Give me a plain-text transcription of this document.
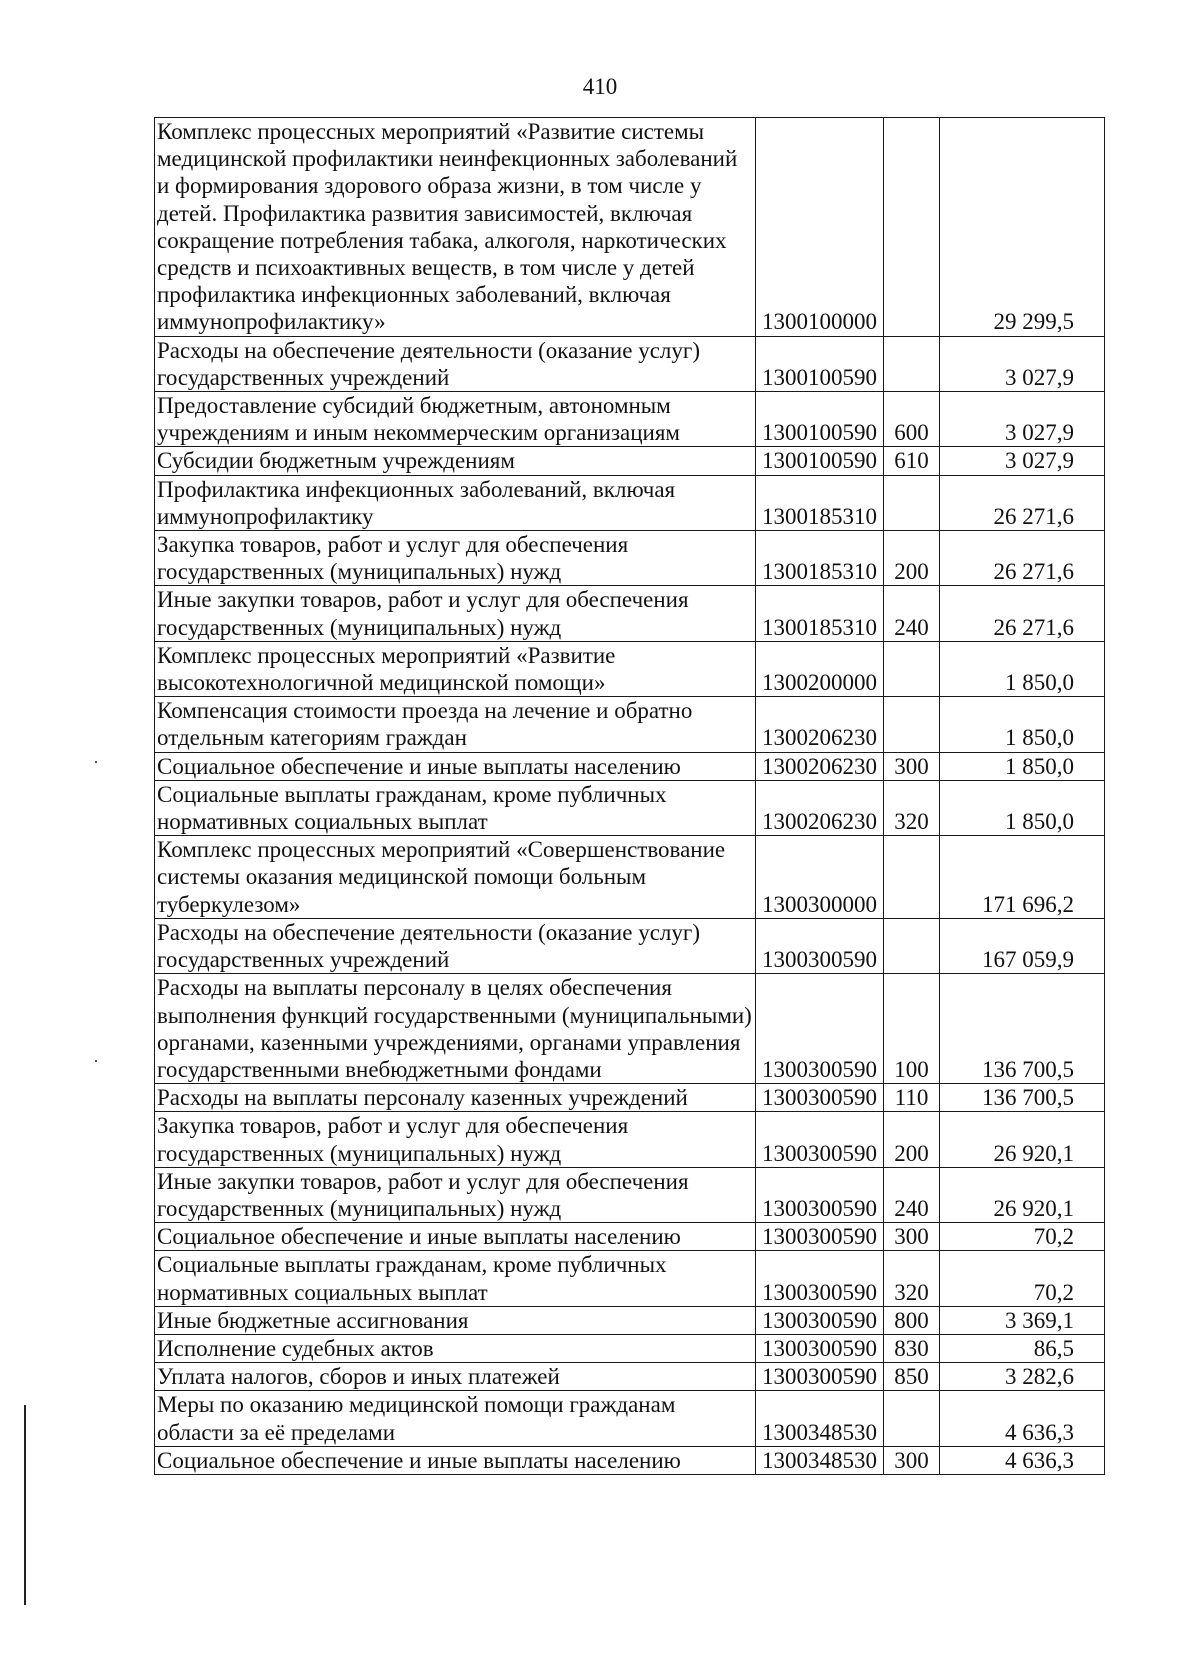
410
Комплекс процессных мероприятий «Развитие системы медицинской профилактики неинфекционных заболеваний и формирования здорового образа жизни, в том числе у детей. Профилактика развития зависимостей, включая сокращение потребления табака, алкоголя, наркотических средств и психоактивных веществ, в том числе у детей профилактика инфекционных заболеваний, включая иммунопрофилактику»	1300100000		29 299,5
Расходы на обеспечение деятельности (оказание услуг) государственных учреждений	1300100590		3 027,9
Предоставление субсидий бюджетным, автономным учреждениям и иным некоммерческим организациям	1300100590	600	3 027,9
Субсидии бюджетным учреждениям	1300100590	610	3 027,9
Профилактика инфекционных заболеваний, включая иммунопрофилактику	1300185310		26 271,6
Закупка товаров, работ и услуг для обеспечения государственных (муниципальных) нужд	1300185310	200	26 271,6
Иные закупки товаров, работ и услуг для обеспечения государственных (муниципальных) нужд	1300185310	240	26 271,6
Комплекс процессных мероприятий «Развитие высокотехнологичной медицинской помощи»	1300200000		1 850,0
Компенсация стоимости проезда на лечение и обратно отдельным категориям граждан	1300206230		1 850,0
Социальное обеспечение и иные выплаты населению	1300206230	300	1 850,0
Социальные выплаты гражданам, кроме публичных нормативных социальных выплат	1300206230	320	1 850,0
Комплекс процессных мероприятий «Совершенствование системы оказания медицинской помощи больным туберкулезом»	1300300000		171 696,2
Расходы на обеспечение деятельности (оказание услуг) государственных учреждений	1300300590		167 059,9
Расходы на выплаты персоналу в целях обеспечения выполнения функций государственными (муниципальными) органами, казенными учреждениями, органами управления государственными внебюджетными фондами	1300300590	100	136 700,5
Расходы на выплаты персоналу казенных учреждений	1300300590	110	136 700,5
Закупка товаров, работ и услуг для обеспечения государственных (муниципальных) нужд	1300300590	200	26 920,1
Иные закупки товаров, работ и услуг для обеспечения государственных (муниципальных) нужд	1300300590	240	26 920,1
Социальное обеспечение и иные выплаты населению	1300300590	300	70,2
Социальные выплаты гражданам, кроме публичных нормативных социальных выплат	1300300590	320	70,2
Иные бюджетные ассигнования	1300300590	800	3 369,1
Исполнение судебных актов	1300300590	830	86,5
Уплата налогов, сборов и иных платежей	1300300590	850	3 282,6
Меры по оказанию медицинской помощи гражданам области за её пределами	1300348530		4 636,3
Социальное обеспечение и иные выплаты населению	1300348530	300	4 636,3
